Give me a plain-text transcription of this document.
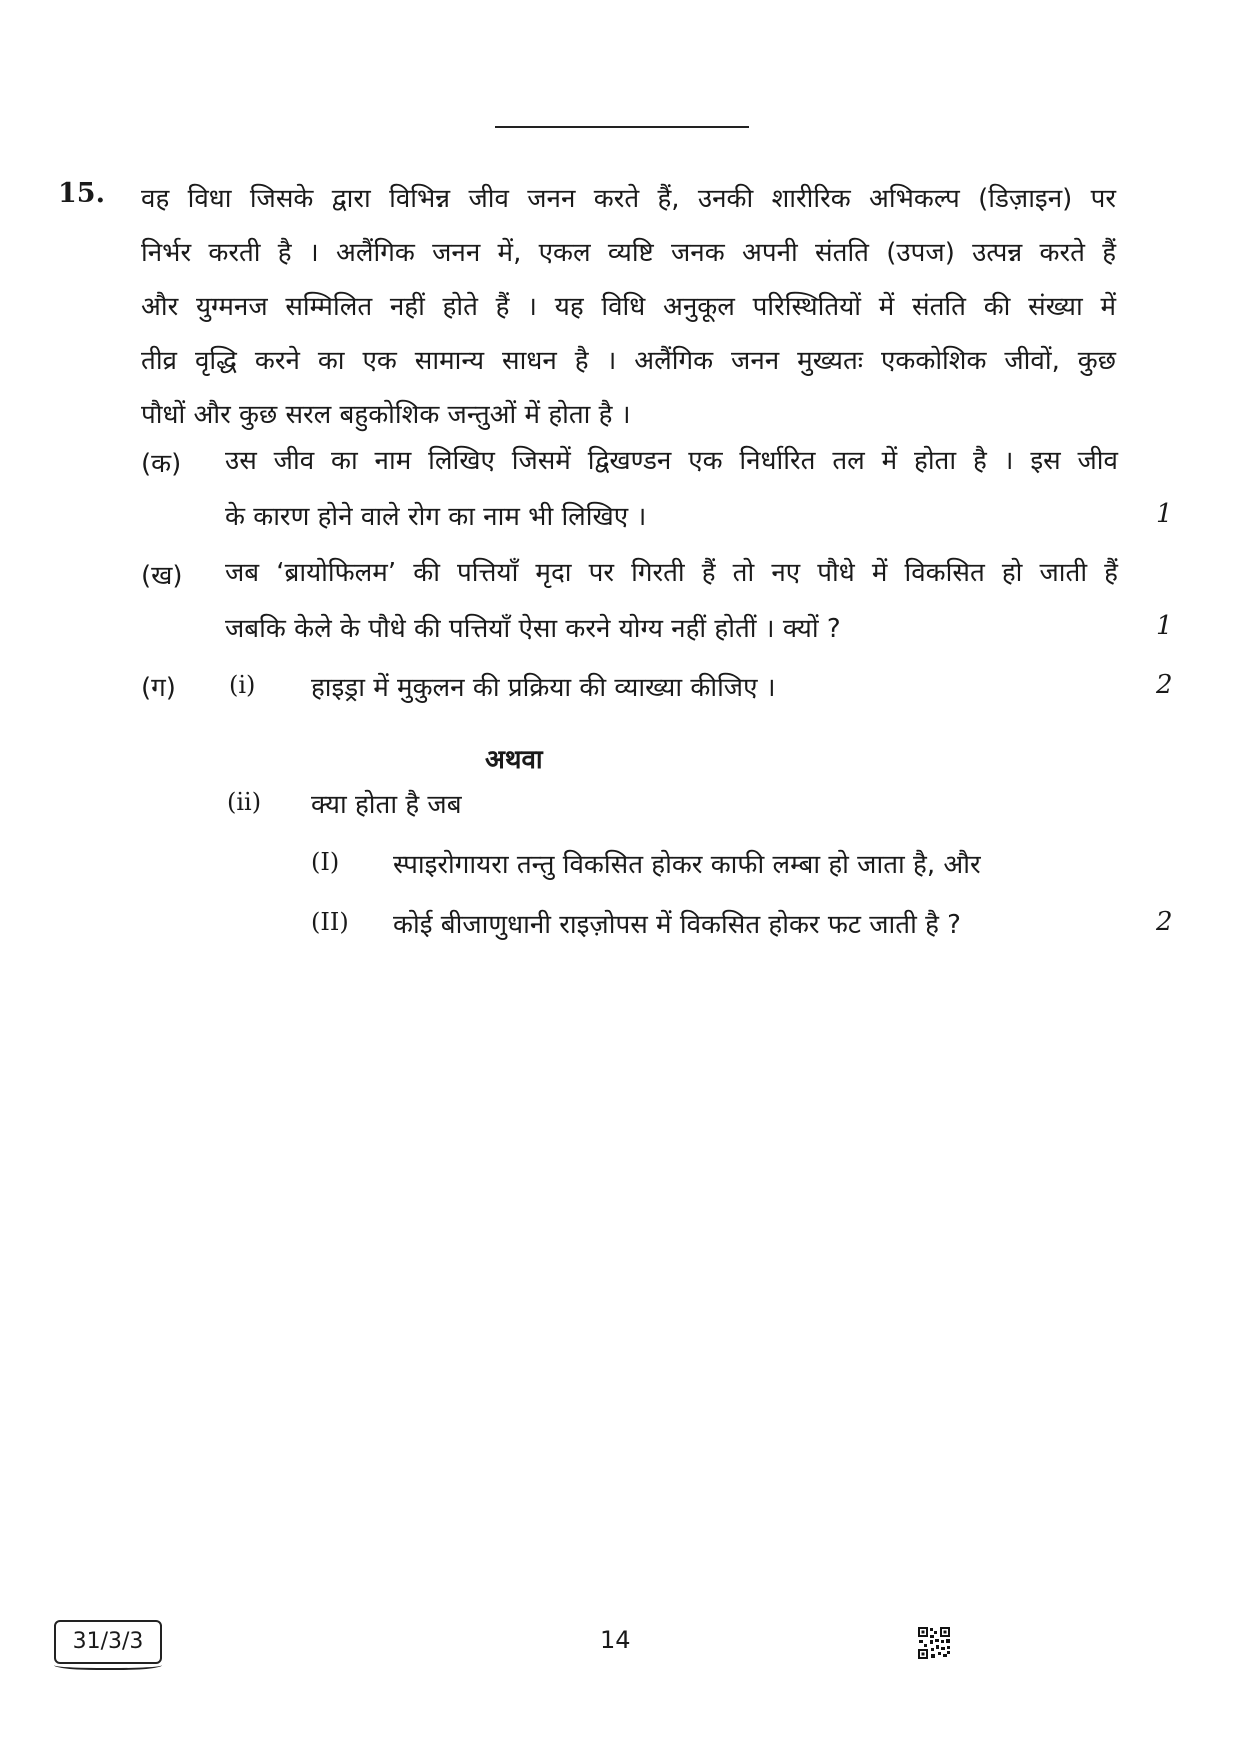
15. वह विधा जिसके द्वारा विभिन्न जीव जनन करते हैं, उनकी शारीरिक अभिकल्प (डिज़ाइन) पर
निर्भर करती है । अलैंगिक जनन में, एकल व्यष्टि जनक अपनी संतति (उपज) उत्पन्न करते हैं
और युग्मनज सम्मिलित नहीं होते हैं । यह विधि अनुकूल परिस्थितियों में संतति की संख्या में
तीव्र वृद्धि करने का एक सामान्य साधन है । अलैंगिक जनन मुख्यतः एककोशिक जीवों, कुछ
पौधों और कुछ सरल बहुकोशिक जन्तुओं में होता है ।
(क) उस जीव का नाम लिखिए जिसमें द्विखण्डन एक निर्धारित तल में होता है । इस जीव
के कारण होने वाले रोग का नाम भी लिखिए ।	1
(ख) जब ‘ब्रायोफिलम’ की पत्तियाँ मृदा पर गिरती हैं तो नए पौधे में विकसित हो जाती हैं
जबकि केले के पौधे की पत्तियाँ ऐसा करने योग्य नहीं होतीं । क्यों ?	1
(ग) (i) हाइड्रा में मुकुलन की प्रक्रिया की व्याख्या कीजिए ।	2
अथवा
(ii) क्या होता है जब
(I) स्पाइरोगायरा तन्तु विकसित होकर काफी लम्बा हो जाता है, और
(II) कोई बीजाणुधानी राइज़ोपस में विकसित होकर फट जाती है ?	2
31/3/3	14
